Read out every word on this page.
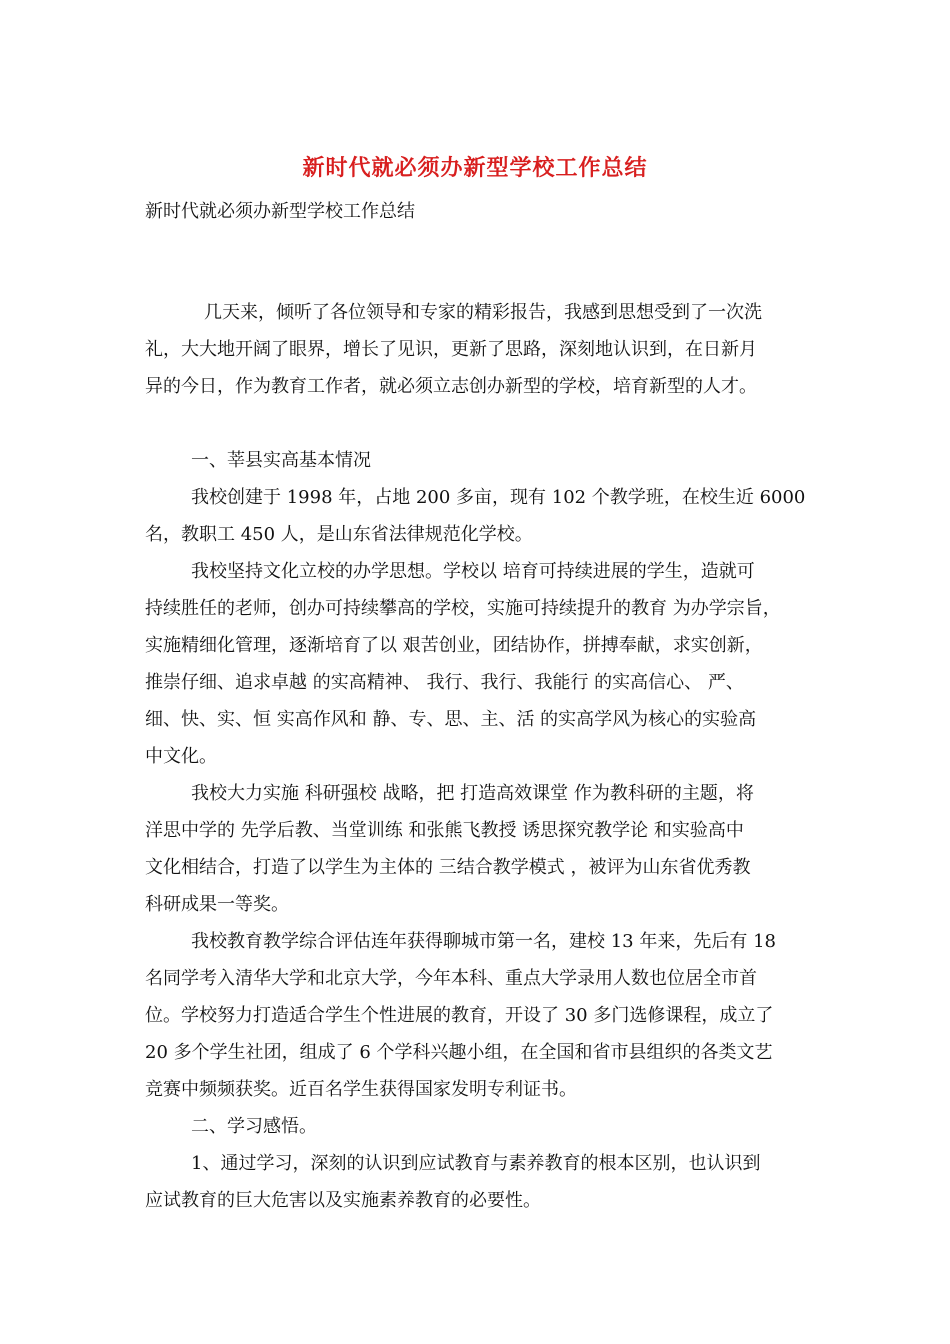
新时代就必须办新型学校工作总结

新时代就必须办新型学校工作总结

几天来，倾听了各位领导和专家的精彩报告，我感到思想受到了一次洗

礼，大大地开阔了眼界，增长了见识，更新了思路，深刻地认识到，在日新月

异的今日，作为教育工作者，就必须立志创办新型的学校，培育新型的人才。

一、莘县实高基本情况

我校创建于 1998 年，占地 200 多亩，现有 102 个教学班，在校生近 6000

名，教职工 450 人，是山东省法律规范化学校。

我校坚持文化立校的办学思想。学校以 培育可持续进展的学生，造就可

持续胜任的老师，创办可持续攀高的学校，实施可持续提升的教育 为办学宗旨，

实施精细化管理，逐渐培育了以 艰苦创业，团结协作，拼搏奉献，求实创新，

推崇仔细、追求卓越 的实高精神、 我行、我行、我能行 的实高信心、 严、

细、快、实、恒 实高作风和 静、专、思、主、活 的实高学风为核心的实验高

中文化。

我校大力实施 科研强校 战略，把 打造高效课堂 作为教科研的主题，将

洋思中学的 先学后教、当堂训练 和张熊飞教授 诱思探究教学论 和实验高中

文化相结合，打造了以学生为主体的 三结合教学模式 ，被评为山东省优秀教

科研成果一等奖。

我校教育教学综合评估连年获得聊城市第一名，建校 13 年来，先后有 18

名同学考入清华大学和北京大学，今年本科、重点大学录用人数也位居全市首

位。学校努力打造适合学生个性进展的教育，开设了 30 多门选修课程，成立了

20 多个学生社团，组成了 6 个学科兴趣小组，在全国和省市县组织的各类文艺

竞赛中频频获奖。近百名学生获得国家发明专利证书。

二、学习感悟。

1、通过学习，深刻的认识到应试教育与素养教育的根本区别，也认识到

应试教育的巨大危害以及实施素养教育的必要性。
